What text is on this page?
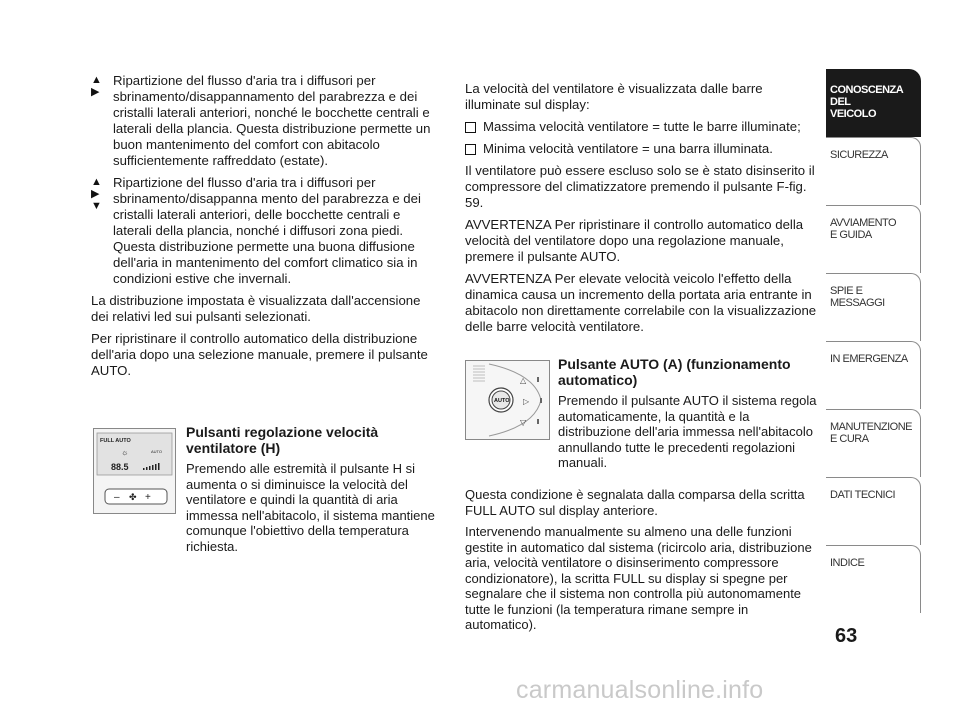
▲
▶
Ripartizione del flusso d'aria tra i diffusori per sbrinamento/disappannamento del parabrezza e dei cristalli laterali anteriori, nonché le bocchette centrali e laterali della plancia. Questa distribuzione permette un buon mantenimento del comfort con abitacolo sufficientemente raffreddato (estate).
▲
▶
▼
Ripartizione del flusso d'aria tra i diffusori per sbrinamento/disappanna mento del parabrezza e dei cristalli laterali anteriori, delle bocchette centrali e laterali della plancia, nonché i diffusori zona piedi. Questa distribuzione permette una buona diffusione dell'aria in mantenimento del comfort climatico sia in condizioni estive che invernali.

La distribuzione impostata è visualizzata dall'accensione dei relativi led sui pulsanti selezionati.

Per ripristinare il controllo automatico della distribuzione dell'aria dopo una selezione manuale, premere il pulsante AUTO.

FULL AUTO
AUTO
☼
88.5
– ✤ +

Pulsanti regolazione velocità ventilatore (H)

Premendo alle estremità il pulsante H si aumenta o si diminuisce la velocità del ventilatore e quindi la quantità di aria immessa nell'abitacolo, il sistema mantiene comunque l'obiettivo della temperatura richiesta.

La velocità del ventilatore è visualizzata dalle barre illuminate sul display:

Massima velocità ventilatore = tutte le barre illuminate;
Minima velocità ventilatore = una barra illuminata.

Il ventilatore può essere escluso solo se è stato disinserito il compressore del climatizzatore premendo il pulsante F-fig. 59.

AVVERTENZA Per ripristinare il controllo automatico della velocità del ventilatore dopo una regolazione manuale, premere il pulsante AUTO.

AVVERTENZA Per elevate velocità veicolo l'effetto della dinamica causa un incremento della portata aria entrante in abitacolo non direttamente correlabile con la visualizzazione delle barre velocità ventilatore.

AUTO
△
▷
▽

Pulsante AUTO (A) (funzionamento automatico)

Premendo il pulsante AUTO il sistema regola automaticamente, la quantità e la distribuzione dell'aria immessa nell'abitacolo annullando tutte le precedenti regolazioni manuali.

Questa condizione è segnalata dalla comparsa della scritta FULL AUTO sul display anteriore.

Intervenendo manualmente su almeno una delle funzioni gestite in automatico dal sistema (ricircolo aria, distribuzione aria, velocità ventilatore o disinserimento compressore condizionatore), la scritta FULL su display si spegne per segnalare che il sistema non controlla più autonomamente tutte le funzioni (la temperatura rimane sempre in automatico).

CONOSCENZA
DEL
VEICOLO
SICUREZZA
AVVIAMENTO
E GUIDA
SPIE E
MESSAGGI
IN EMERGENZA
MANUTENZIONE
E CURA
DATI TECNICI
INDICE
63
carmanualsonline.info
